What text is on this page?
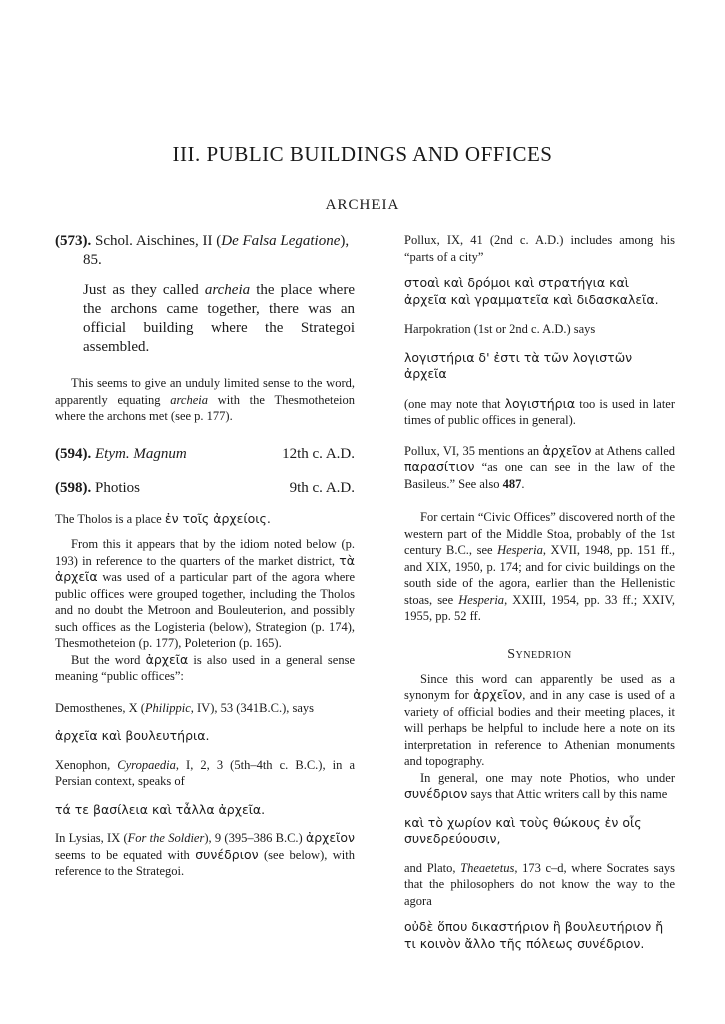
III. PUBLIC BUILDINGS AND OFFICES
ARCHEIA

(573). Schol. Aischines, II (De Falsa Legatione), 85.

Just as they called archeia the place where the archons came together, there was an official building where the Strategoi assembled.

This seems to give an unduly limited sense to the word, apparently equating archeia with the Thesmotheteion where the archons met (see p. 177).

(594). Etym. Magnum	12th c. A.D.
(598). Photios	9th c. A.D.

The Tholos is a place ἐν τοῖς ἀρχείοις.

From this it appears that by the idiom noted below (p. 193) in reference to the quarters of the market district, τὰ ἀρχεῖα was used of a particular part of the agora where public offices were grouped together, including the Tholos and no doubt the Metroon and Bouleuterion, and possibly such offices as the Logisteria (below), Strategion (p. 174), Thesmotheteion (p. 177), Poleterion (p. 165).

But the word ἀρχεῖα is also used in a general sense meaning “public offices”:

Demosthenes, X (Philippic, IV), 53 (341B.C.), says

ἀρχεῖα καὶ βουλευτήρια.

Xenophon, Cyropaedia, I, 2, 3 (5th–4th c. B.C.), in a Persian context, speaks of

τά τε βασίλεια καὶ τἆλλα ἀρχεῖα.

In Lysias, IX (For the Soldier), 9 (395–386 B.C.) ἀρχεῖον seems to be equated with συνέδριον (see below), with reference to the Strategoi.

Pollux, IX, 41 (2nd c. A.D.) includes among his “parts of a city”

στοαὶ καὶ δρόμοι καὶ στρατήγια καὶ ἀρχεῖα καὶ γραμματεῖα καὶ διδασκαλεῖα.

Harpokration (1st or 2nd c. A.D.) says

λογιστήρια δ' ἐστι τὰ τῶν λογιστῶν ἀρχεῖα

(one may note that λογιστήρια too is used in later times of public offices in general).

Pollux, VI, 35 mentions an ἀρχεῖον at Athens called παρασίτιον “as one can see in the law of the Basileus.” See also 487.

For certain “Civic Offices” discovered north of the western part of the Middle Stoa, probably of the 1st century B.C., see Hesperia, XVII, 1948, pp. 151 ff., and XIX, 1950, p. 174; and for civic buildings on the south side of the agora, earlier than the Hellenistic stoas, see Hesperia, XXIII, 1954, pp. 33 ff.; XXIV, 1955, pp. 52 ff.

Synedrion

Since this word can apparently be used as a synonym for ἀρχεῖον, and in any case is used of a variety of official bodies and their meeting places, it will perhaps be helpful to include here a note on its interpretation in reference to Athenian monuments and topography.

In general, one may note Photios, who under συνέδριον says that Attic writers call by this name

καὶ τὸ χωρίον καὶ τοὺς θώκους ἐν οἷς συνεδρεύουσιν,

and Plato, Theaetetus, 173 c–d, where Socrates says that the philosophers do not know the way to the agora

οὐδὲ ὅπου δικαστήριον ἢ βουλευτήριον ἤ τι κοινὸν ἄλλο τῆς πόλεως συνέδριον.
